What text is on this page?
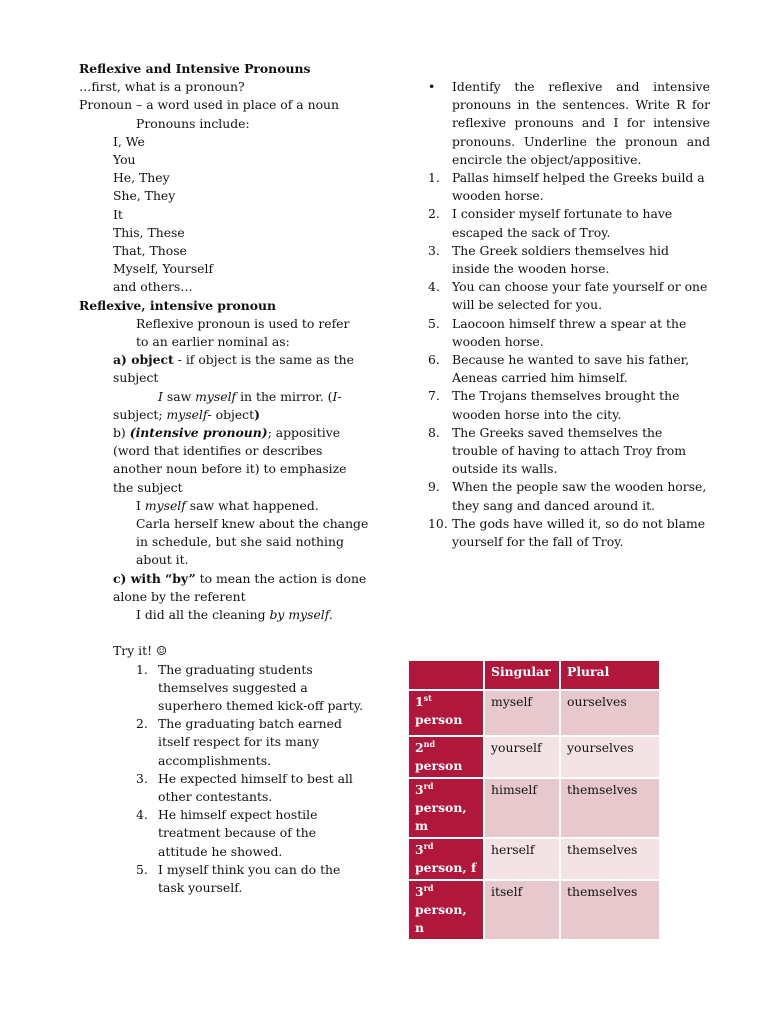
Reflexive and Intensive Pronouns
…first, what is a pronoun?
Pronoun – a word used in place of a noun
Pronouns include:
I, We
You
He, They
She, They
It
This, These
That, Those
Myself, Yourself
and others…
Reflexive, intensive pronoun
Reflexive pronoun is used to refer to an earlier nominal as:
a) object - if object is the same as the subject
I saw myself in the mirror. (I-
subject; myself- object)
b) (intensive pronoun); appositive (word that identifies or describes another noun before it) to emphasize the subject
I myself saw what happened.
Carla herself knew about the change in schedule, but she said nothing about it.
c) with “by” to mean the action is done alone by the referent
I did all the cleaning by myself.
Try it! ☺
1. The graduating students themselves suggested a superhero themed kick-off party.
2. The graduating batch earned itself respect for its many accomplishments.
3. He expected himself to best all other contestants.
4. He himself expect hostile treatment because of the attitude he showed.
5. I myself think you can do the task yourself.
• Identify the reflexive and intensive pronouns in the sentences. Write R for reflexive pronouns and I for intensive pronouns. Underline the pronoun and encircle the object/appositive.
1. Pallas himself helped the Greeks build a wooden horse.
2. I consider myself fortunate to have escaped the sack of Troy.
3. The Greek soldiers themselves hid inside the wooden horse.
4. You can choose your fate yourself or one will be selected for you.
5. Laocoon himself threw a spear at the wooden horse.
6. Because he wanted to save his father, Aeneas carried him himself.
7. The Trojans themselves brought the wooden horse into the city.
8. The Greeks saved themselves the trouble of having to attach Troy from outside its walls.
9. When the people saw the wooden horse, they sang and danced around it.
10. The gods have willed it, so do not blame yourself for the fall of Troy.
	Singular	Plural
1st
person	myself	ourselves
2nd
person	yourself	yourselves
3rd
person, m	himself	themselves
3rd
person, f	herself	themselves
3rd
person, n	itself	themselves
